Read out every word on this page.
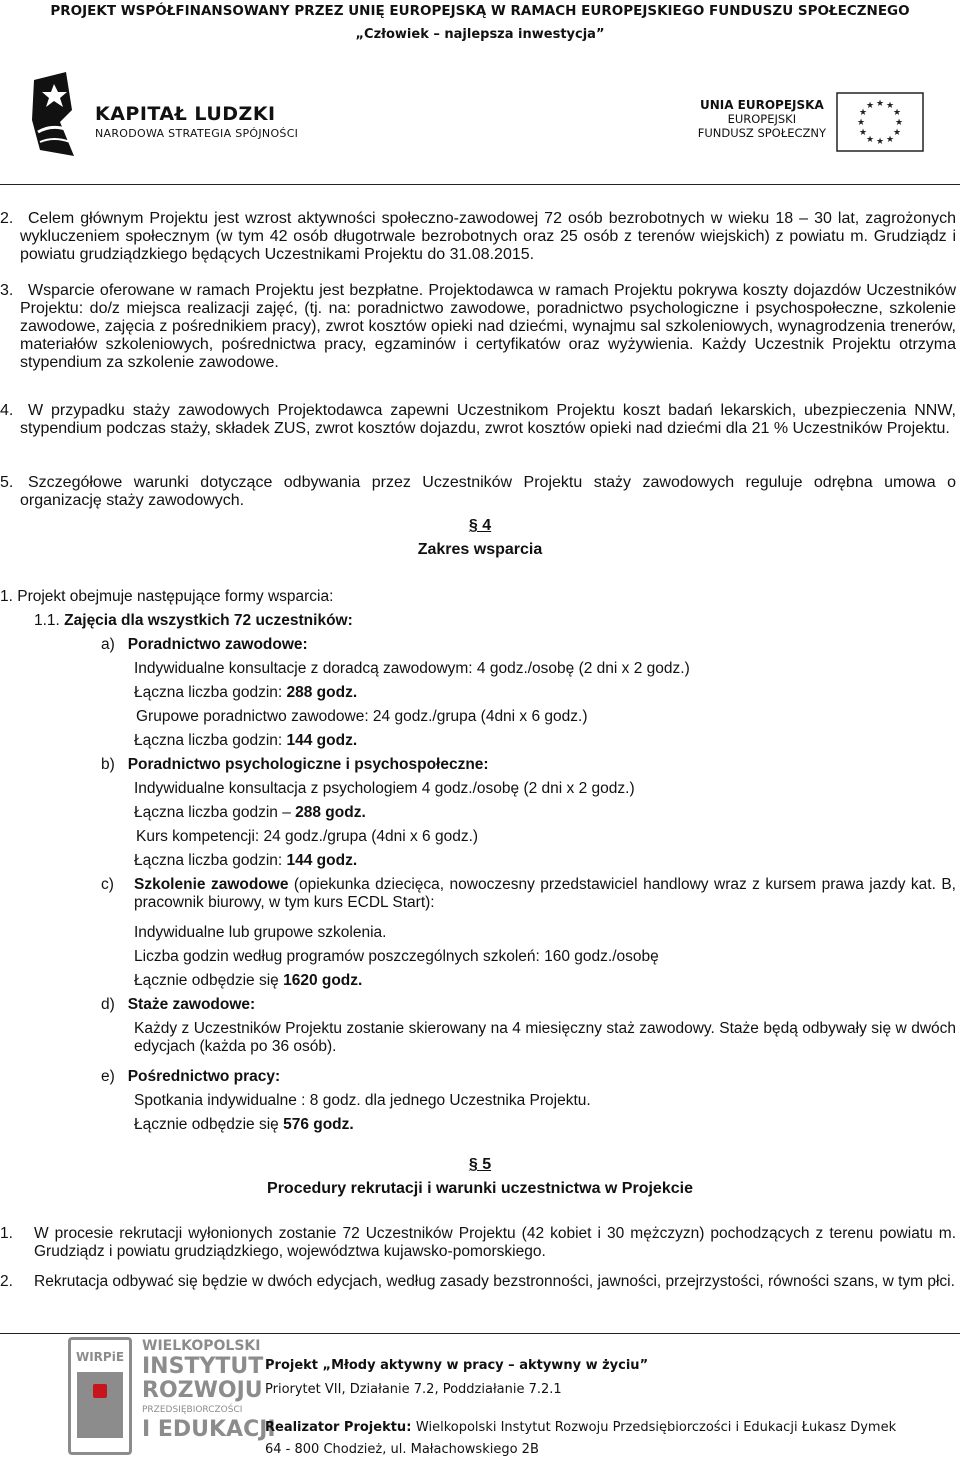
PROJEKT WSPÓŁFINANSOWANY PRZEZ UNIĘ EUROPEJSKĄ W RAMACH EUROPEJSKIEGO FUNDUSZU SPOŁECZNEGO
„Człowiek – najlepsza inwestycja”
KAPITAŁ LUDZKI
NARODOWA STRATEGIA SPÓJNOŚCI
UNIA EUROPEJSKA
EUROPEJSKI
FUNDUSZ SPOŁECZNY
★ ★
★
★
★
★
★
★
★
★
★
★
2. Celem głównym Projektu jest wzrost aktywności społeczno-zawodowej 72 osób bezrobotnych w wieku 18 – 30 lat, zagrożonych wykluczeniem społecznym (w tym 42 osób długotrwale bezrobotnych oraz 25 osób z terenów wiejskich) z powiatu m. Grudziądz i powiatu grudziądzkiego będących Uczestnikami Projektu do 31.08.2015.
3. Wsparcie oferowane w ramach Projektu jest bezpłatne. Projektodawca w ramach Projektu pokrywa koszty dojazdów Uczestników Projektu: do/z miejsca realizacji zajęć, (tj. na: poradnictwo zawodowe, poradnictwo psychologiczne i psychospołeczne, szkolenie zawodowe, zajęcia z pośrednikiem pracy), zwrot kosztów opieki nad dziećmi, wynajmu sal szkoleniowych, wynagrodzenia trenerów, materiałów szkoleniowych, pośrednictwa pracy, egzaminów i certyfikatów oraz wyżywienia. Każdy Uczestnik Projektu otrzyma stypendium za szkolenie zawodowe.
4. W przypadku staży zawodowych Projektodawca zapewni Uczestnikom Projektu koszt badań lekarskich, ubezpieczenia NNW, stypendium podczas staży, składek ZUS, zwrot kosztów dojazdu, zwrot kosztów opieki nad dziećmi dla 21 % Uczestników Projektu.
5. Szczegółowe warunki dotyczące odbywania przez Uczestników Projektu staży zawodowych reguluje odrębna umowa o organizację staży zawodowych.
§ 4
Zakres wsparcia
1. Projekt obejmuje następujące formy wsparcia:
1.1. Zajęcia dla wszystkich 72 uczestników:
a) Poradnictwo zawodowe:
Indywidualne konsultacje z doradcą zawodowym: 4 godz./osobę (2 dni x 2 godz.)
Łączna liczba godzin: 288 godz.
Grupowe poradnictwo zawodowe: 24 godz./grupa (4dni x 6 godz.)
Łączna liczba godzin: 144 godz.
b) Poradnictwo psychologiczne i psychospołeczne:
Indywidualne konsultacja z psychologiem 4 godz./osobę (2 dni x 2 godz.)
Łączna liczba godzin – 288 godz.
Kurs kompetencji: 24 godz./grupa (4dni x 6 godz.)
Łączna liczba godzin: 144 godz.
c) Szkolenie zawodowe (opiekunka dziecięca, nowoczesny przedstawiciel handlowy wraz z kursem prawa jazdy kat. B, pracownik biurowy, w tym kurs ECDL Start):
Indywidualne lub grupowe szkolenia.
Liczba godzin według programów poszczególnych szkoleń: 160 godz./osobę
Łącznie odbędzie się 1620 godz.
d) Staże zawodowe:
Każdy z Uczestników Projektu zostanie skierowany na 4 miesięczny staż zawodowy. Staże będą odbywały się w dwóch edycjach (każda po 36 osób).
e) Pośrednictwo pracy:
Spotkania indywidualne : 8 godz. dla jednego Uczestnika Projektu.
Łącznie odbędzie się 576 godz.
§ 5
Procedury rekrutacji i warunki uczestnictwa w Projekcie
1. W procesie rekrutacji wyłonionych zostanie 72 Uczestników Projektu (42 kobiet i 30 mężczyzn) pochodzących z terenu powiatu m. Grudziądz i powiatu grudziądzkiego, województwa kujawsko-pomorskiego.
2. Rekrutacja odbywać się będzie w dwóch edycjach, według zasady bezstronności, jawności, przejrzystości, równości szans, w tym płci.
WIRPiE
WIELKOPOLSKI
INSTYTUT
ROZWOJU
PRZEDSIĘBIORCZOŚCI
I EDUKACJI
Projekt „Młody aktywny w pracy – aktywny w życiu”
Priorytet VII, Działanie 7.2, Poddziałanie 7.2.1
Realizator Projektu: Wielkopolski Instytut Rozwoju Przedsiębiorczości i Edukacji Łukasz Dymek
64 - 800 Chodzież, ul. Małachowskiego 2B
